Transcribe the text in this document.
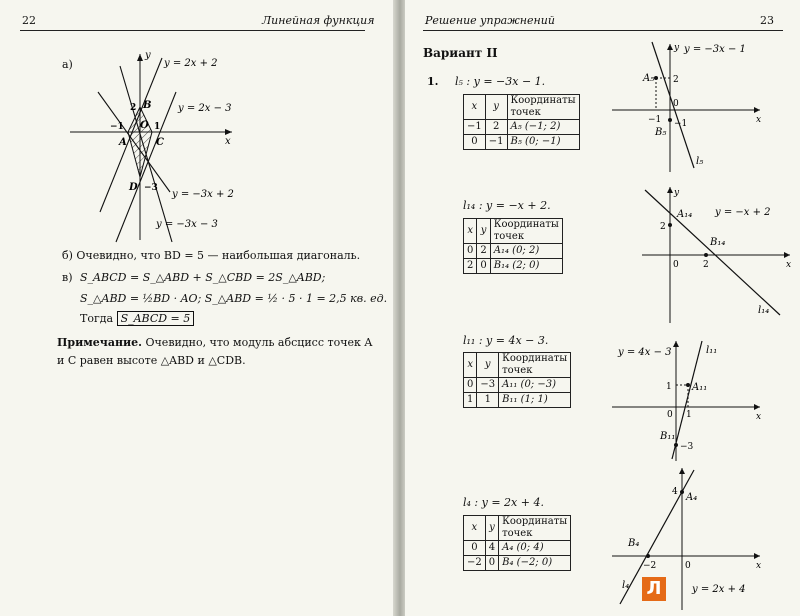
22	Линейная функция
а)
y
x
O
−1	1
2
−3
B
A	C
D
y = 2x + 2
y = 2x − 3
y = −3x + 2
y = −3x − 3
б) Очевидно, что BD = 5 — наибольшая диагональ.
в) S_ABCD = S_△ABD + S_△CBD = 2S_△ABD;
S_△ABD = ½BD · AO; S_△ABD = ½ · 5 · 1 = 2,5 кв. ед.
Тогда S_ABCD = 5
Примечание. Очевидно, что модуль абсцисс точек A
и C равен высоте △ABD и △CDB.
Решение упражнений	23
Вариант II
1. l₅ : y = −3x − 1.
x	y	Координаты
точек
−1	2	A₅ (−1; 2)
0	−1	B₅ (0; −1)
y = −3x − 1
A₅
B₅
2
0
−1
−1
l₅
x
y
l₁₄ : y = −x + 2.
x	y	Координаты
точек
0	2	A₁₄ (0; 2)
2	0	B₁₄ (2; 0)
y = −x + 2
A₁₄
B₁₄
2
0	2
l₁₄
x
y
l₁₁ : y = 4x − 3.
x	y	Координаты
точек
0	−3	A₁₁ (0; −3)
1	1	B₁₁ (1; 1)
y = 4x − 3
A₁₁
B₁₁
1
0 1
−3
l₁₁
x
l₄ : y = 2x + 4.
x	y	Координаты
точек
0	4	A₄ (0; 4)
−2	0	B₄ (−2; 0)
A₄
B₄
4
−2	0
l₄	y = 2x + 4
x
Л
